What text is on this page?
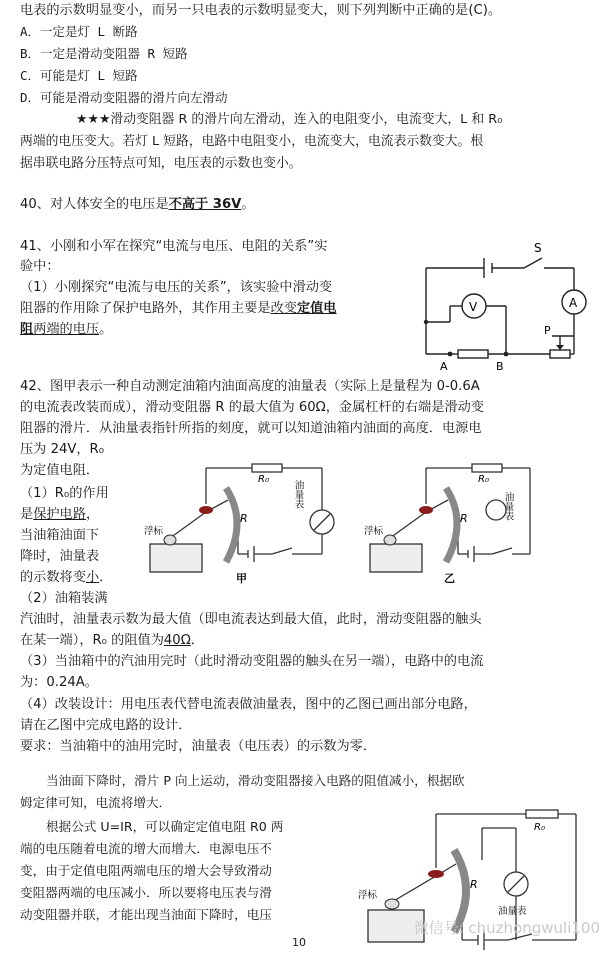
电表的示数明显变小，而另一只电表的示数明显变大，则下列判断中正确的是(C)。
A．一定是灯 L 断路
B．一定是滑动变阻器 R 短路
C．可能是灯 L 短路
D．可能是滑动变阻器的滑片向左滑动
★★★滑动变阻器 R 的滑片向左滑动，连入的电阻变小，电流变大，L 和 R₀
两端的电压变大。若灯 L 短路，电路中电阻变小，电流变大，电流表示数变大。根
据串联电路分压特点可知，电压表的示数也变小。
40、对人体安全的电压是不高于 36V。
41、小刚和小军在探究“电流与电压、电阻的关系”实
验中：
（1）小刚探究“电流与电压的关系”，该实验中滑动变
阻器的作用除了保护电路外，其作用主要是改变定值电
阻两端的电压。
S
A
V
P
A	B
42、图甲表示一种自动测定油箱内油面高度的油量表（实际上是量程为 0-0.6A
的电流表改装而成），滑动变阻器 R 的最大值为 60Ω，金属杠杆的右端是滑动变
阻器的滑片．从油量表指针所指的刻度，就可以知道油箱内油面的高度．电源电
压为 24V，R₀
为定值电阻．
（1）R₀的作用
是保护电路，
当油箱油面下
降时，油量表
的示数将变小．
（2）油箱装满
汽油时，油量表示数为最大值（即电流表达到最大值，此时，滑动变阻器的触头
在某一端），R₀ 的阻值为40Ω．
（3）当油箱中的汽油用完时（此时滑动变阻器的触头在另一端），电路中的电流
为：0.24A。
（4）改装设计：用电压表代替电流表做油量表，图中的乙图已画出部分电路，
请在乙图中完成电路的设计．
要求：当油箱中的油用完时，油量表（电压表）的示数为零．
R₀
R
浮标
油量表
甲
R₀
R
浮标
油量表
乙
当油面下降时，滑片 P 向上运动，滑动变阻器接入电路的阻值减小，根据欧
姆定律可知，电流将增大．
根据公式 U=IR，可以确定定值电阻 R0 两
端的电压随着电流的增大而增大．电源电压不
变，由于定值电阻两端电压的增大会导致滑动
变阻器两端的电压减小．所以要将电压表与滑
动变阻器并联，才能出现当油面下降时，电压
R₀
R
浮标
油量表
10
微信号: chuzhongwuli100
